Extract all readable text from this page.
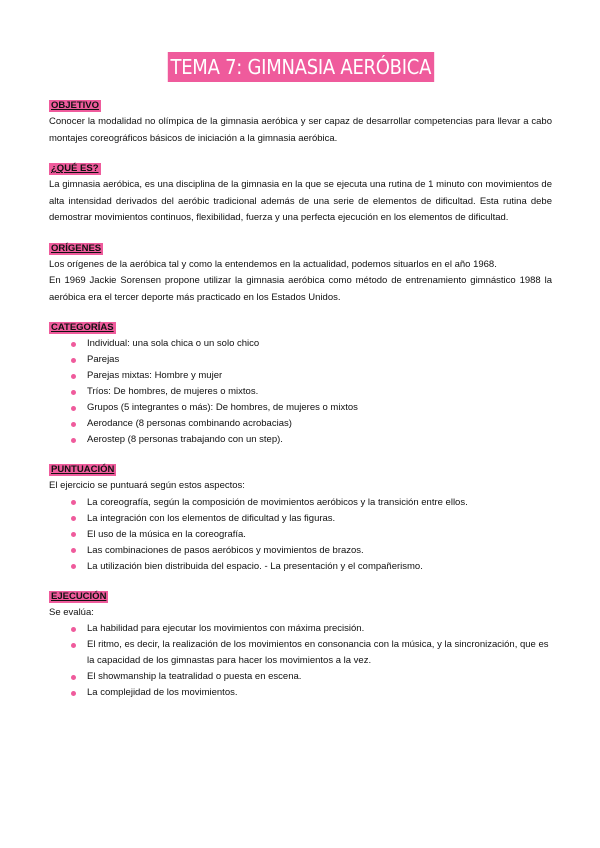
TEMA 7: GIMNASIA AERÓBICA
OBJETIVO

Conocer la modalidad no olímpica de la gimnasia aeróbica y ser capaz de desarrollar competencias para llevar a cabo montajes coreográficos básicos de iniciación a la gimnasia aeróbica.

¿QUÉ ES?

La gimnasia aeróbica, es una disciplina de la gimnasia en la que se ejecuta una rutina de 1 minuto con movimientos de alta intensidad derivados del aeróbic tradicional además de una serie de elementos de dificultad. Esta rutina debe demostrar movimientos continuos, flexibilidad, fuerza y una perfecta ejecución en los elementos de dificultad.

ORÍGENES

Los orígenes de la aeróbica tal y como la entendemos en la actualidad, podemos situarlos en el año 1968.

En 1969 Jackie Sorensen propone utilizar la gimnasia aeróbica como método de entrenamiento gimnástico 1988 la aeróbica era el tercer deporte más practicado en los Estados Unidos.

CATEGORÍAS
Individual: una sola chica o un solo chico
Parejas
Parejas mixtas: Hombre y mujer
Tríos: De hombres, de mujeres o mixtos.
Grupos (5 integrantes o más): De hombres, de mujeres o mixtos
Aerodance (8 personas combinando acrobacias)
Aerostep (8 personas trabajando con un step).
PUNTUACIÓN

El ejercicio se puntuará según estos aspectos:

La coreografía, según la composición de movimientos aeróbicos y la transición entre ellos.
La integración con los elementos de dificultad y las figuras.
El uso de la música en la coreografía.
Las combinaciones de pasos aeróbicos y movimientos de brazos.
La utilización bien distribuida del espacio. - La presentación y el compañerismo.
EJECUCIÓN

Se evalúa:

La habilidad para ejecutar los movimientos con máxima precisión.
El ritmo, es decir, la realización de los movimientos en consonancia con la música, y la sincronización, que es la capacidad de los gimnastas para hacer los movimientos a la vez.
El showmanship la teatralidad o puesta en escena.
La complejidad de los movimientos.
